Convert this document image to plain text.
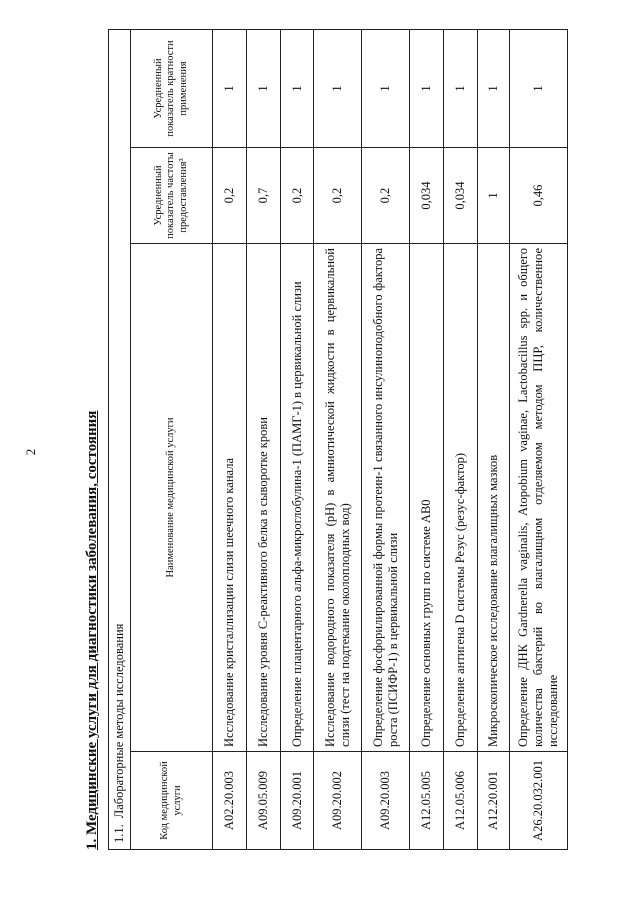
2	1. Медицинские услуги для диагностики заболевания, состояния 1.1.Лабораторные методы исследования			
Код медицинской услуги	Наименование медицинской услуги	Усредненный показатель частоты предоставления³	Усредненный показатель кратности применения
A02.20.003	Исследование кристаллизации слизи шеечного канала	0,2	1
A09.05.009	Исследование уровня С-реактивного белка в сыворотке крови	0,7	1
A09.20.001	Определение плацентарного альфа-микроглобулина-1 (ПАМГ-1) в цервикальной слизи	0,2	1
A09.20.002	Исследование водородного показателя (pH) в амниотической жидкости в цервикальной слизи (тест на подтекание околоплодных вод)	0,2	1
A09.20.003	Определение фосфорилированной формы протеин-1 связанного инсулиноподобного фактора роста (ПСИФР-1) в цервикальной слизи	0,2	1
A12.05.005	Определение основных групп по системе AB0	0,034	1
A12.05.006	Определение антигена D системы Резус (резус-фактор)	0,034	1
A12.20.001	Микроскопическое исследование влагалищных мазков	1	1
A26.20.032.001	Определение ДНК Gardnerella vaginalis, Atopobium vaginae, Lactobacillus spp. и общего количества бактерий во влагалищном отделяемом методом ПЦР, количественное исследование	0,46	1
